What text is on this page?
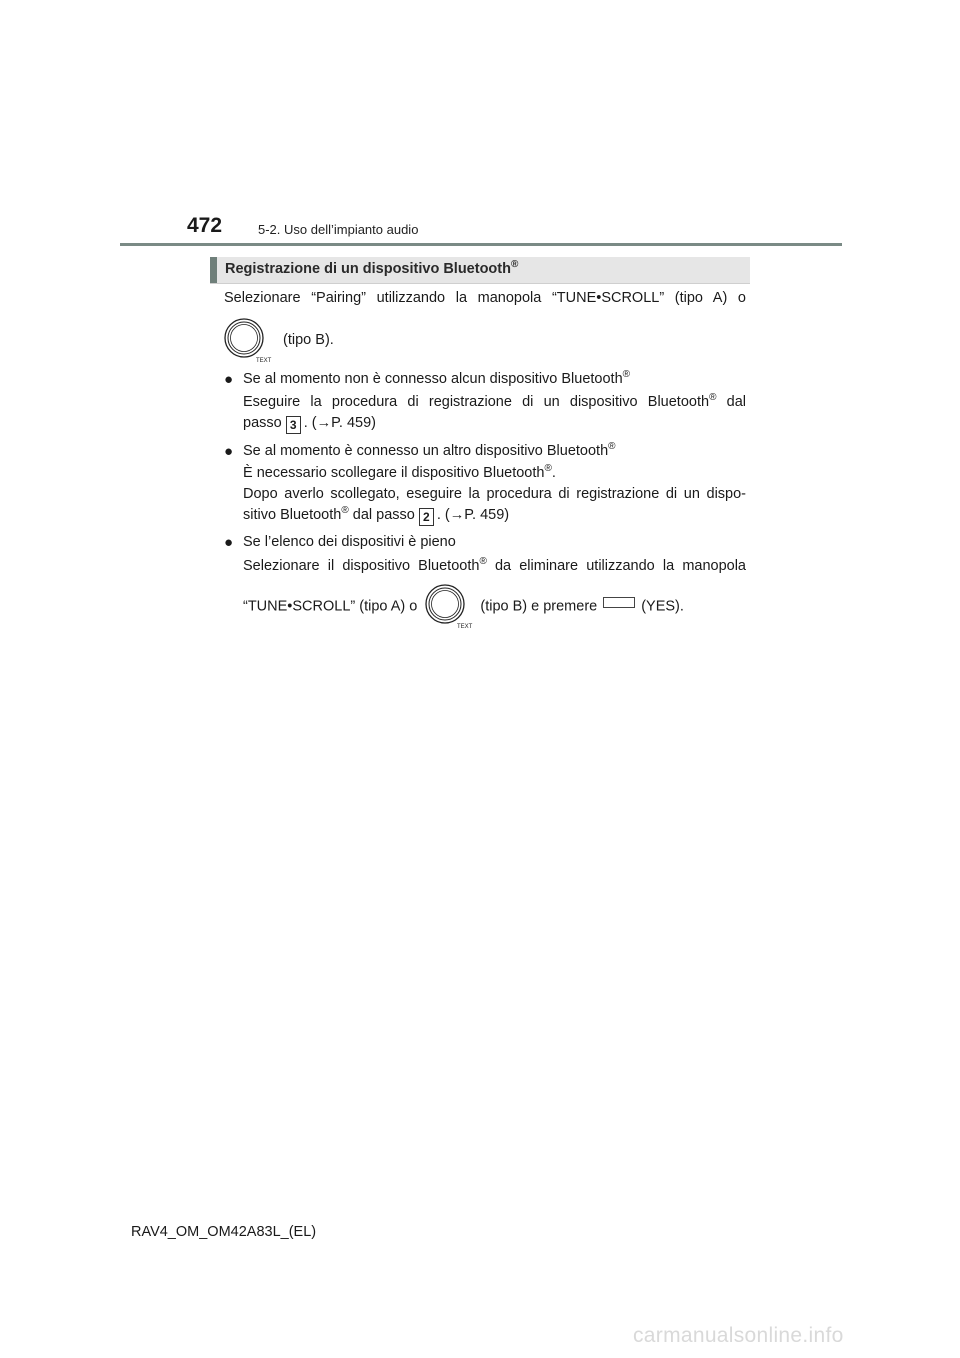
472	5-2. Uso dell’impianto audio
Registrazione di un dispositivo Bluetooth®
Selezionare “Pairing” utilizzando la manopola “TUNE•SCROLL” (tipo A) o
TEXT
(tipo B).
● Se al momento non è connesso alcun dispositivo Bluetooth®
Eseguire la procedura di registrazione di un dispositivo Bluetooth® dal
passo 3 . (→P. 459)
● Se al momento è connesso un altro dispositivo Bluetooth®
È necessario scollegare il dispositivo Bluetooth®.
Dopo averlo scollegato, eseguire la procedura di registrazione di un dispo-
sitivo Bluetooth® dal passo 2 . (→P. 459)
● Se l’elenco dei dispositivi è pieno
Selezionare il dispositivo Bluetooth® da eliminare utilizzando la manopola
“TUNE•SCROLL” (tipo A) o
TEXT
(tipo B) e premere	(YES).
RAV4_OM_OM42A83L_(EL)
carmanualsonline.info
